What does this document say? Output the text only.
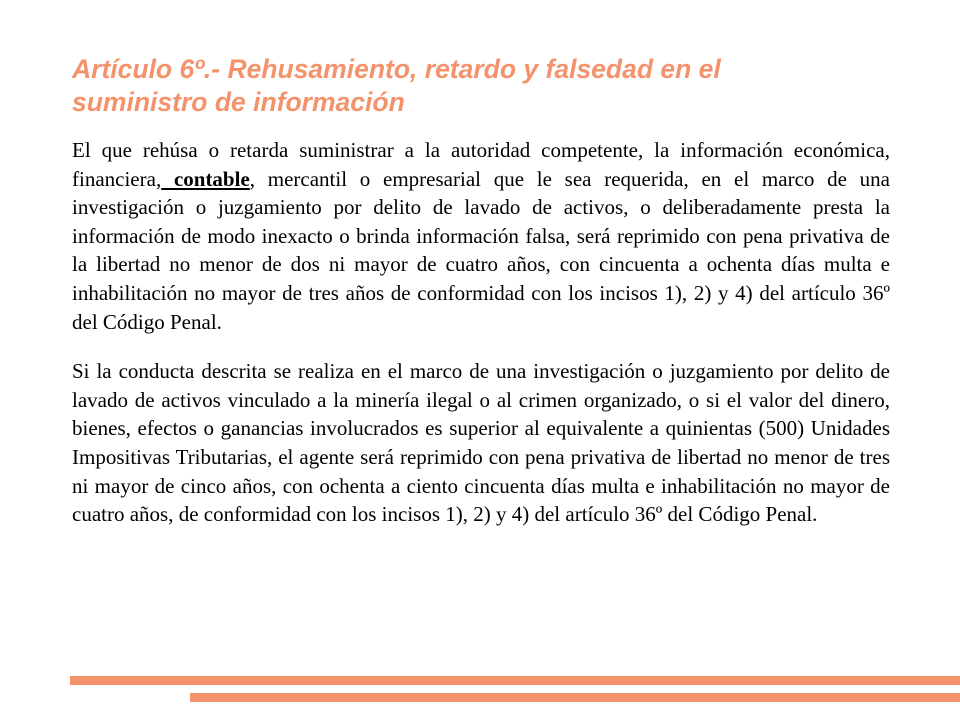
Artículo 6º.- Rehusamiento, retardo y falsedad en el
suministro de información

El que rehúsa o retarda suministrar a la autoridad competente, la información económica, financiera, contable, mercantil o empresarial que le sea requerida, en el marco de una investigación o juzgamiento por delito de lavado de activos, o deliberadamente presta la información de modo inexacto o brinda información falsa, será reprimido con pena privativa de la libertad no menor de dos ni mayor de cuatro años, con cincuenta a ochenta días multa e inhabilitación no mayor de tres años de conformidad con los incisos 1), 2) y 4) del artículo 36º del Código Penal.

Si la conducta descrita se realiza en el marco de una investigación o juzgamiento por delito de lavado de activos vinculado a la minería ilegal o al crimen organizado, o si el valor del dinero, bienes, efectos o ganancias involucrados es superior al equivalente a quinientas (500) Unidades Impositivas Tributarias, el agente será reprimido con pena privativa de libertad no menor de tres ni mayor de cinco años, con ochenta a ciento cincuenta días multa e inhabilitación no mayor de cuatro años, de conformidad con los incisos 1), 2) y 4) del artículo 36º del Código Penal.
